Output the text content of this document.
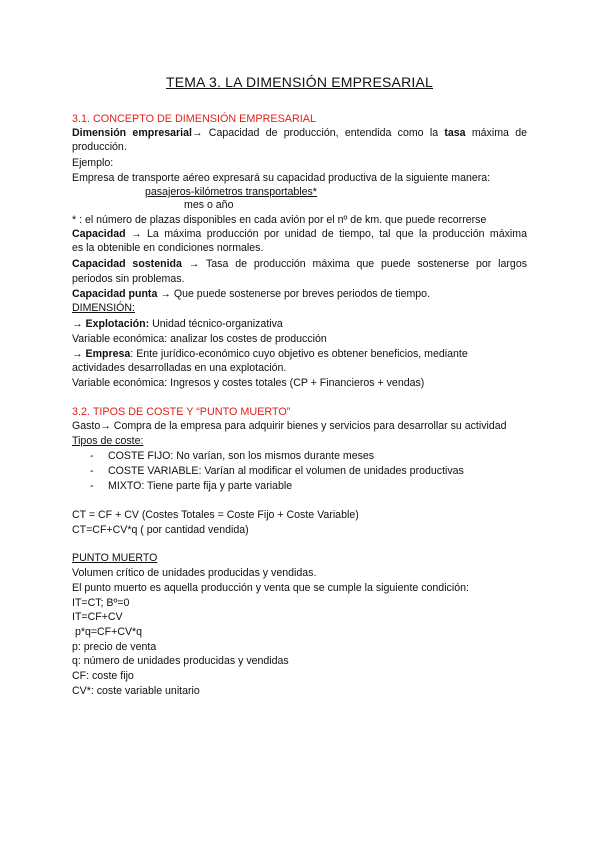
TEMA 3. LA DIMENSIÓN EMPRESARIAL
3.1. CONCEPTO DE DIMENSIÓN EMPRESARIAL
Dimensión empresarial→ Capacidad de producción, entendida como la tasa máxima de
producción.
Ejemplo:
Empresa de transporte aéreo expresará su capacidad productiva de la siguiente manera:
pasajeros-kilómetros transportables*
mes o año
* : el número de plazas disponibles en cada avión por el nº de km. que puede recorrerse
Capacidad → La máxima producción por unidad de tiempo, tal que la producción máxima
es la obtenible en condiciones normales.
Capacidad sostenida → Tasa de producción máxima que puede sostenerse por largos
periodos sin problemas.
Capacidad punta → Que puede sostenerse por breves periodos de tiempo.
DIMENSIÓN:
→ Explotación: Unidad técnico-organizativa
Variable económica: analizar los costes de producción
→ Empresa: Ente jurídico-económico cuyo objetivo es obtener beneficios, mediante
actividades desarrolladas en una explotación.
Variable económica: Ingresos y costes totales (CP + Financieros + vendas)
3.2. TIPOS DE COSTE Y “PUNTO MUERTO”
Gasto→ Compra de la empresa para adquirir bienes y servicios para desarrollar su actividad
Tipos de coste:
- COSTE FIJO: No varían, son los mismos durante meses
- COSTE VARIABLE: Varían al modificar el volumen de unidades productivas
- MIXTO: Tiene parte fija y parte variable
CT = CF + CV (Costes Totales = Coste Fijo + Coste Variable)
CT=CF+CV*q ( por cantidad vendida)
PUNTO MUERTO
Volumen crítico de unidades producidas y vendidas.
El punto muerto es aquella producción y venta que se cumple la siguiente condición:
IT=CT; Bº=0
IT=CF+CV
p*q=CF+CV*q
p: precio de venta
q: número de unidades producidas y vendidas
CF: coste fijo
CV*: coste variable unitario
